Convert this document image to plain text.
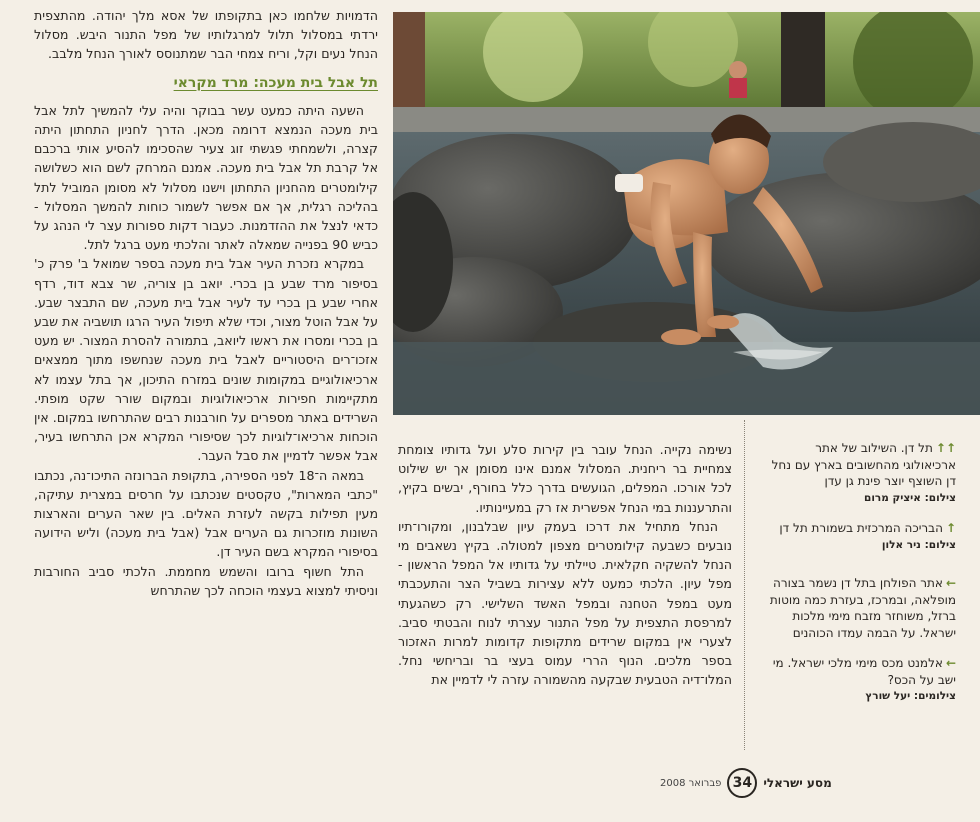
הדמויות שלחמו כאן בתקופתו של אסא מלך יהודה. מהתצפית ירדתי במסלול תלול למרגלותיו של מפל התנור היבש. מסלול הנחל נעים וקל, וריח צמחי הבר שמתנוסס לאורך הנחל מלבב.

תל אבל בית מעכה: מרד מקראי

השעה היתה כמעט עשר בבוקר והיה עלי להמשיך לתל אבל בית מעכה הנמצא דרומה מכאן. הדרך לחניון התחתון היתה קצרה, ולשמחתי פגשתי זוג צעיר שהסכימו להסיע אותי ברכבם אל קרבת תל אבל בית מעכה. אמנם המרחק לשם הוא כשלושה קילומטרים מהחניון התחתון וישנו מסלול לא מסומן המוביל לתל בהליכה רגלית, אך אם אפשר לשמור כוחות להמשך המסלול - כדאי לנצל את ההזדמנות. כעבור דקות ספורות עצר לי הנהג על כביש 90 בפנייה שמאלה לאתר והלכתי מעט ברגל לתל.

במקרא נזכרת העיר אבל בית מעכה בספר שמואל ב' פרק כ' בסיפור מרד שבע בן בכרי. יואב בן צוריה, שר צבא דוד, רדף אחרי שבע בן בכרי עד לעיר אבל בית מעכה, שם התבצר שבע. על אבל הוטל מצור, וכדי שלא תיפול העיר הרגו תושביה את שבע בן בכרי ומסרו את ראשו ליואב, בתמורה להסרת המצור. יש מעט אזכו־רים היסטוריים לאבל בית מעכה שנחשפו מתוך ממצאים ארכיאולוגיים במקומות שונים במזרח התיכון, אך בתל עצמו לא מתקיימות חפירות ארכיאולוגיות ובמקום שורר שקט מופתי. השרידים באתר מספרים על חורבנות רבים שהתרחשו במקום. אין הוכחות ארכיאו־לוגיות לכך שסיפורי המקרא אכן התרחשו בעיר, אבל אפשר לדמיין את סבל העבר.

במאה ה־18 לפני הספירה, בתקופת הברונזה התיכו־נה, נכתבו "כתבי המארות", טקסטים שנכתבו על חרסים במצרית עתיקה, מעין תפילות בקשה לעזרת האלים. בין שאר הערים והארצות השונות מוזכרות גם הערים אבל (אבל בית מעכה) וליש הידועה בסיפורי המקרא בשם העיר דן.

התל חשוף ברובו והשמש מחממת. הלכתי סביב החורבות וניסיתי למצוא בעצמי הוכחה לכך שהתרחש

נשימה נקייה. הנחל עובר בין קירות סלע ועל גדותיו צומחת צמחיית בר ריחנית. המסלול אמנם אינו מסומן אך יש שילוט לכל אורכו. המפלים, הגועשים בדרך כלל בחורף, יבשים בקיץ, והתרעננות במי הנחל אפשרית אז רק במעיינותיו.

הנחל מתחיל את דרכו בעמק עיון שבלבנון, ומקורו־תיו נובעים כשבעה קילומטרים מצפון למטולה. בקיץ נשאבים מי הנחל להשקיה חקלאית. טיילתי על גדותיו אל המפל הראשון - מפל עיון. הלכתי כמעט ללא עצירות בשביל הצר והתעכבתי מעט במפל הטחנה ובמפל האשד השלישי. רק כשהגעתי למרפסת התצפית על מפל התנור עצרתי לנוח והבטתי סביב. לצערי אין במקום שרידים מתקופות קדומות למרות האזכור בספר מלכים. הנוף הררי עמוס בעצי בר ובריחשי נחל. המלו־דיה הטבעית שבקעה מהשמורה עזרה לי לדמיין את

↑↑תל דן. השילוב של אתר ארכיאולוגי מהחשובים בארץ עם נחל דן השוצף יוצר פינת גן עדן
צילום: איציק מרום
↑הבריכה המרכזית בשמורת תל דן
צילום: ניר אלון
←אתר הפולחן בתל דן נשמר בצורה מופלאה, ובמרכז, בעזרת כמה מוטות ברזל, משוחזר מזבח מימי מלכות ישראל. על הבמה עמדו הכוהנים
←אלמנט מכס מימי מלכי ישראל. מי ישב על הכס?
צילומים: יעל שורץ
פברואר 2008 34 מסע ישראלי
